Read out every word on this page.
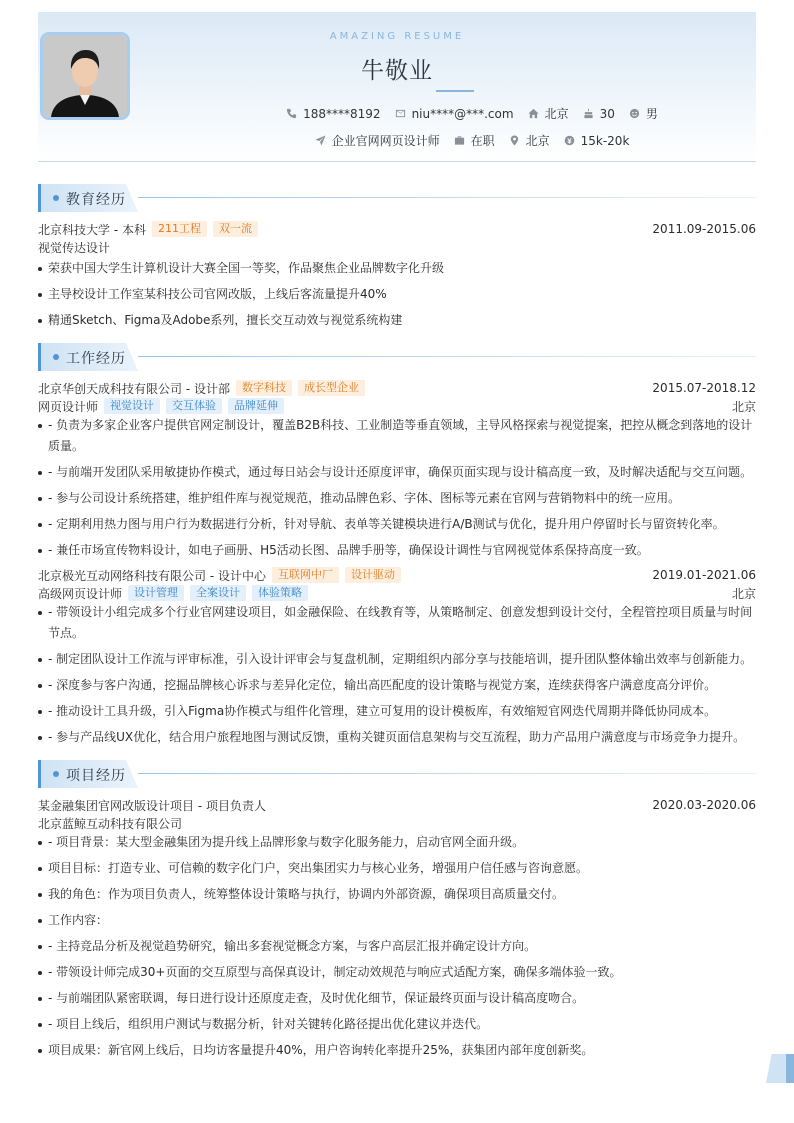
AMAZING RESUME
牛敬业
188****8192	niu****@***.com	北京	30	男
企业官网网页设计师	在职	北京	15k-20k
教育经历
北京科技大学 - 本科	211工程	双一流	2011.09-2015.06
视觉传达设计
荣获中国大学生计算机设计大赛全国一等奖，作品聚焦企业品牌数字化升级
主导校设计工作室某科技公司官网改版，上线后客流量提升40%
精通Sketch、Figma及Adobe系列，擅长交互动效与视觉系统构建
工作经历
北京华创天成科技有限公司 - 设计部	数字科技	成长型企业	2015.07-2018.12
网页设计师	视觉设计	交互体验	品牌延伸	北京
- 负责为多家企业客户提供官网定制设计，覆盖B2B科技、工业制造等垂直领域，主导风格探索与视觉提案，把控从概念到落地的设计质量。
- 与前端开发团队采用敏捷协作模式，通过每日站会与设计还原度评审，确保页面实现与设计稿高度一致，及时解决适配与交互问题。
- 参与公司设计系统搭建，维护组件库与视觉规范，推动品牌色彩、字体、图标等元素在官网与营销物料中的统一应用。
- 定期利用热力图与用户行为数据进行分析，针对导航、表单等关键模块进行A/B测试与优化，提升用户停留时长与留资转化率。
- 兼任市场宣传物料设计，如电子画册、H5活动长图、品牌手册等，确保设计调性与官网视觉体系保持高度一致。
北京极光互动网络科技有限公司 - 设计中心	互联网中厂	设计驱动	2019.01-2021.06
高级网页设计师	设计管理	全案设计	体验策略	北京
- 带领设计小组完成多个行业官网建设项目，如金融保险、在线教育等，从策略制定、创意发想到设计交付，全程管控项目质量与时间节点。
- 制定团队设计工作流与评审标准，引入设计评审会与复盘机制，定期组织内部分享与技能培训，提升团队整体输出效率与创新能力。
- 深度参与客户沟通，挖掘品牌核心诉求与差异化定位，输出高匹配度的设计策略与视觉方案，连续获得客户满意度高分评价。
- 推动设计工具升级，引入Figma协作模式与组件化管理，建立可复用的设计模板库，有效缩短官网迭代周期并降低协同成本。
- 参与产品线UX优化，结合用户旅程地图与测试反馈，重构关键页面信息架构与交互流程，助力产品用户满意度与市场竞争力提升。
项目经历
某金融集团官网改版设计项目 - 项目负责人	2020.03-2020.06
北京蓝鲸互动科技有限公司
- 项目背景：某大型金融集团为提升线上品牌形象与数字化服务能力，启动官网全面升级。
项目目标：打造专业、可信赖的数字化门户，突出集团实力与核心业务，增强用户信任感与咨询意愿。
我的角色：作为项目负责人，统筹整体设计策略与执行，协调内外部资源，确保项目高质量交付。
工作内容：
- 主持竞品分析及视觉趋势研究，输出多套视觉概念方案，与客户高层汇报并确定设计方向。
- 带领设计师完成30+页面的交互原型与高保真设计，制定动效规范与响应式适配方案，确保多端体验一致。
- 与前端团队紧密联调，每日进行设计还原度走查，及时优化细节，保证最终页面与设计稿高度吻合。
- 项目上线后，组织用户测试与数据分析，针对关键转化路径提出优化建议并迭代。
项目成果：新官网上线后，日均访客量提升40%，用户咨询转化率提升25%，获集团内部年度创新奖。
